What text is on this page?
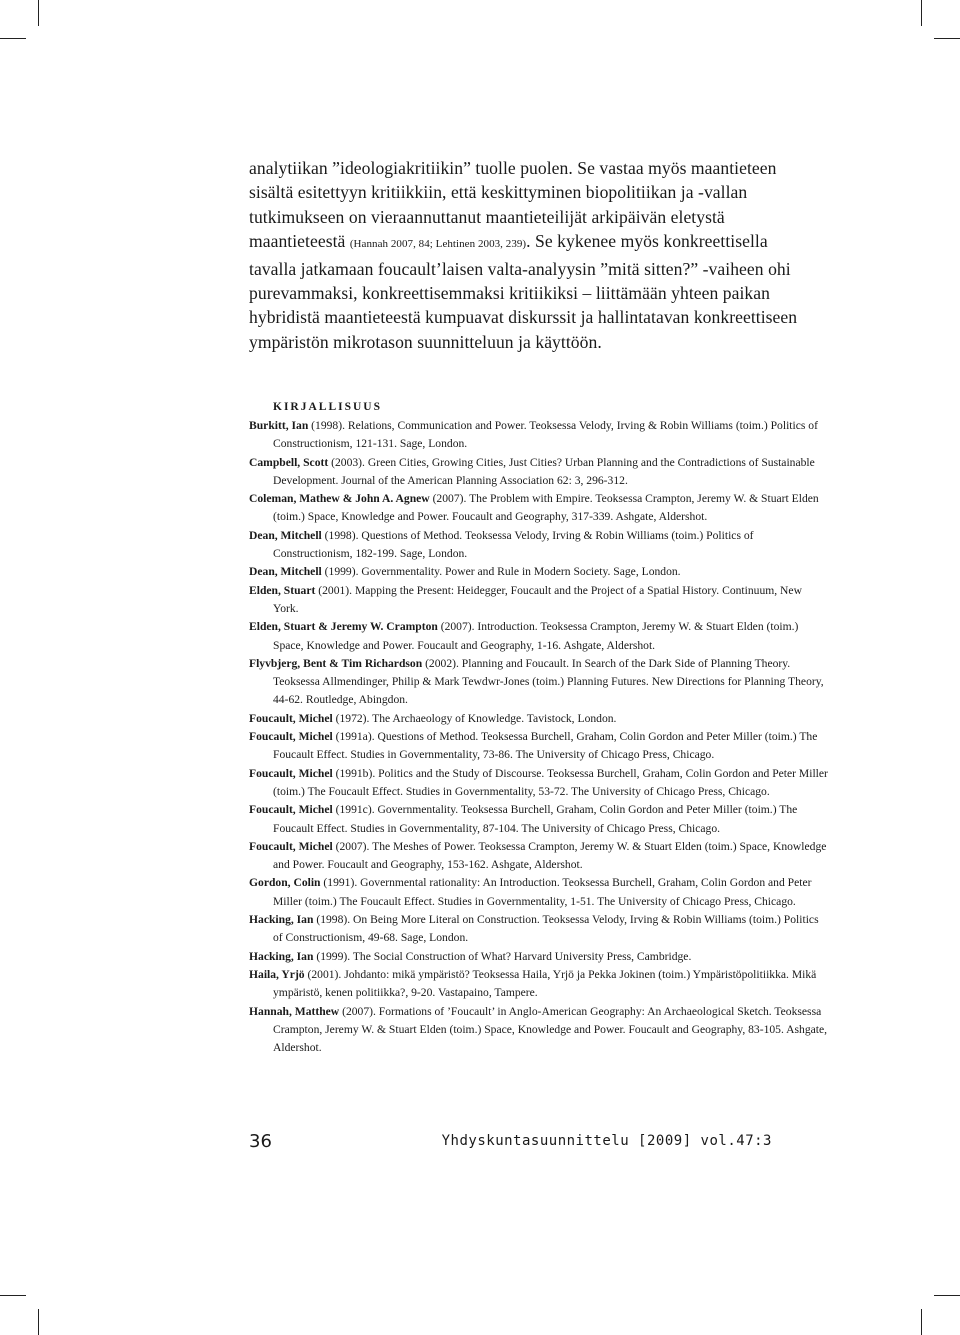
analytiikan ”ideologiakritiikin” tuolle puolen. Se vastaa myös maantieteen sisältä esitettyyn kritiikkiin, että keskittyminen biopolitiikan ja -vallan tutkimukseen on vieraannuttanut maantieteilijät arkipäivän eletystä maantieteestä (Hannah 2007, 84; Lehtinen 2003, 239). Se kykenee myös konkreettisella tavalla jatkamaan foucault’laisen valta-analyysin ”mitä sitten?” -vaiheen ohi purevammaksi, konkreettisemmaksi kritiikiksi – liittämään yhteen paikan hybridistä maantieteestä kumpuavat diskurssit ja hallintatavan konkreettiseen ympäristön mikrotason suunnitteluun ja käyttöön.

KIRJALLISUUS
Burkitt, Ian (1998). Relations, Communication and Power. Teoksessa Velody, Irving & Robin Williams (toim.) Politics of Constructionism, 121-131. Sage, London.
Campbell, Scott (2003). Green Cities, Growing Cities, Just Cities? Urban Planning and the Contradictions of Sustainable Development. Journal of the American Planning Association 62: 3, 296-312.
Coleman, Mathew & John A. Agnew (2007). The Problem with Empire. Teoksessa Crampton, Jeremy W. & Stuart Elden (toim.) Space, Knowledge and Power. Foucault and Geography, 317-339. Ashgate, Aldershot.
Dean, Mitchell (1998). Questions of Method. Teoksessa Velody, Irving & Robin Williams (toim.) Politics of Constructionism, 182-199. Sage, London.
Dean, Mitchell (1999). Governmentality. Power and Rule in Modern Society. Sage, London.
Elden, Stuart (2001). Mapping the Present: Heidegger, Foucault and the Project of a Spatial History. Continuum, New York.
Elden, Stuart & Jeremy W. Crampton (2007). Introduction. Teoksessa Crampton, Jeremy W. & Stuart Elden (toim.) Space, Knowledge and Power. Foucault and Geography, 1-16. Ashgate, Aldershot.
Flyvbjerg, Bent & Tim Richardson (2002). Planning and Foucault. In Search of the Dark Side of Planning Theory. Teoksessa Allmendinger, Philip & Mark Tewdwr-Jones (toim.) Planning Futures. New Directions for Planning Theory, 44-62. Routledge, Abingdon.
Foucault, Michel (1972). The Archaeology of Knowledge. Tavistock, London.
Foucault, Michel (1991a). Questions of Method. Teoksessa Burchell, Graham, Colin Gordon and Peter Miller (toim.) The Foucault Effect. Studies in Governmentality, 73-86. The University of Chicago Press, Chicago.
Foucault, Michel (1991b). Politics and the Study of Discourse. Teoksessa Burchell, Graham, Colin Gordon and Peter Miller (toim.) The Foucault Effect. Studies in Governmentality, 53-72. The University of Chicago Press, Chicago.
Foucault, Michel (1991c). Governmentality. Teoksessa Burchell, Graham, Colin Gordon and Peter Miller (toim.) The Foucault Effect. Studies in Governmentality, 87-104. The University of Chicago Press, Chicago.
Foucault, Michel (2007). The Meshes of Power. Teoksessa Crampton, Jeremy W. & Stuart Elden (toim.) Space, Knowledge and Power. Foucault and Geography, 153-162. Ashgate, Aldershot.
Gordon, Colin (1991). Governmental rationality: An Introduction. Teoksessa Burchell, Graham, Colin Gordon and Peter Miller (toim.) The Foucault Effect. Studies in Governmentality, 1-51. The University of Chicago Press, Chicago.
Hacking, Ian (1998). On Being More Literal on Construction. Teoksessa Velody, Irving & Robin Williams (toim.) Politics of Constructionism, 49-68. Sage, London.
Hacking, Ian (1999). The Social Construction of What? Harvard University Press, Cambridge.
Haila, Yrjö (2001). Johdanto: mikä ympäristö? Teoksessa Haila, Yrjö ja Pekka Jokinen (toim.) Ympäristöpolitiikka. Mikä ympäristö, kenen politiikka?, 9-20. Vastapaino, Tampere.
Hannah, Matthew (2007). Formations of ’Foucault’ in Anglo-American Geography: An Archaeological Sketch. Teoksessa Crampton, Jeremy W. & Stuart Elden (toim.) Space, Knowledge and Power. Foucault and Geography, 83-105. Ashgate, Aldershot.
36	Yhdyskuntasuunnittelu [2009] vol.47:3
